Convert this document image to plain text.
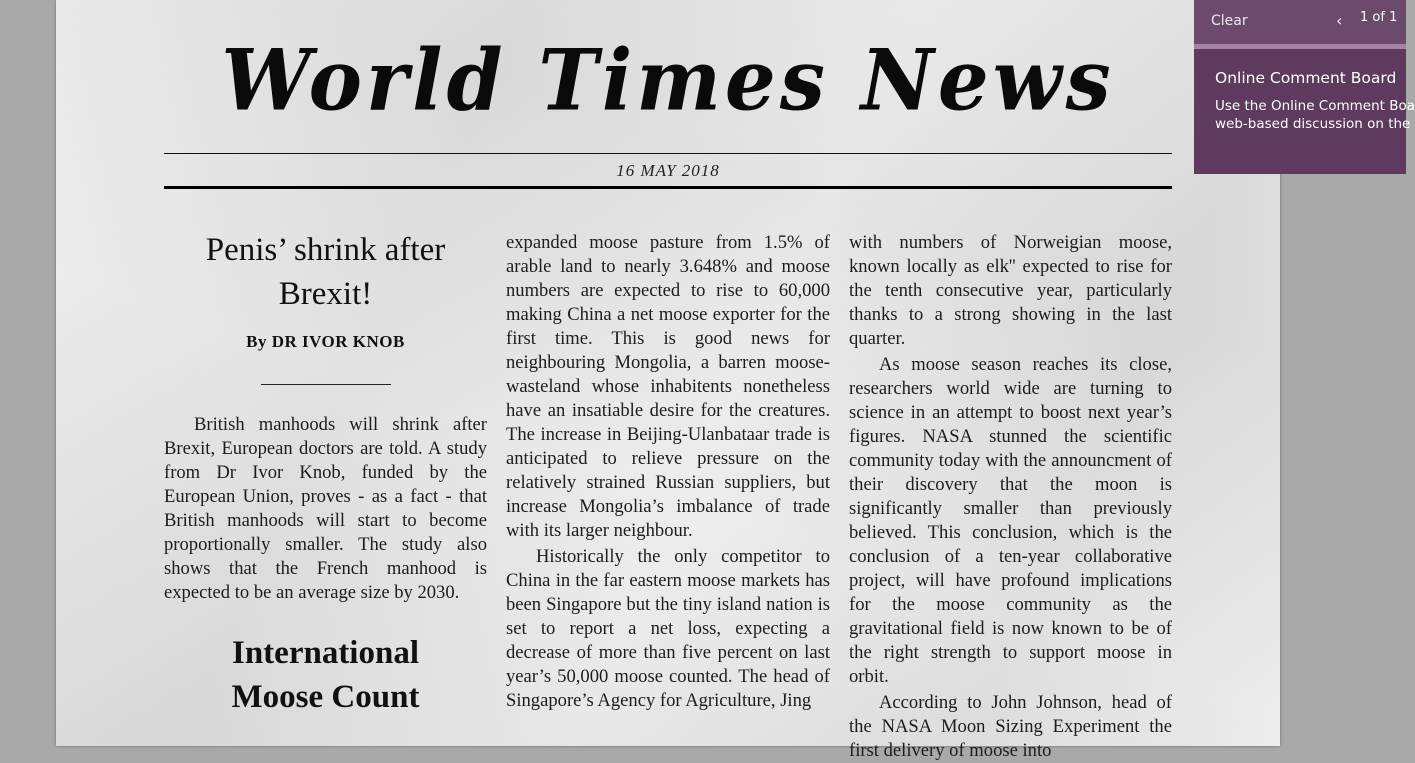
World Times News
16 MAY 2018
Penis’ shrink after
Brexit!
By DR IVOR KNOB

British manhoods will shrink after Brexit, European doctors are told. A study from Dr Ivor Knob, funded by the European Union, proves - as a fact - that British manhoods will start to become proportionally smaller. The study also shows that the French manhood is expected to be an average size by 2030.

International
Moose Count

expanded moose pasture from 1.5% of arable land to nearly 3.648% and moose numbers are expected to rise to 60,000 making China a net moose exporter for the first time. This is good news for neighbouring Mongolia, a barren moose-wasteland whose inhabitents nonetheless have an insatiable desire for the creatures. The increase in Beijing-Ulanbataar trade is anticipated to relieve pressure on the relatively strained Russian suppliers, but increase Mongolia’s imbalance of trade with its larger neighbour.

Historically the only competitor to China in the far eastern moose markets has been Singapore but the tiny island nation is set to report a net loss, expecting a decrease of more than five percent on last year’s 50,000 moose counted. The head of Singapore’s Agency for Agriculture, Jing

with numbers of Norweigian moose, known locally as elk'' expected to rise for the tenth consecutive year, particularly thanks to a strong showing in the last quarter.

As moose season reaches its close, researchers world wide are turning to science in an attempt to boost next year’s figures. NASA stunned the scientific community today with the announcment of their discovery that the moon is significantly smaller than previously believed. This conclusion, which is the conclusion of a ten-year collaborative project, will have profound implications for the moose community as the gravitational field is now known to be of the right strength to support moose in orbit.

According to John Johnson, head of the NASA Moon Sizing Experiment the first delivery of moose into

Clear	‹ 1 of 1
Online Comment Board
Use the Online Comment Boa
web-based discussion on the
